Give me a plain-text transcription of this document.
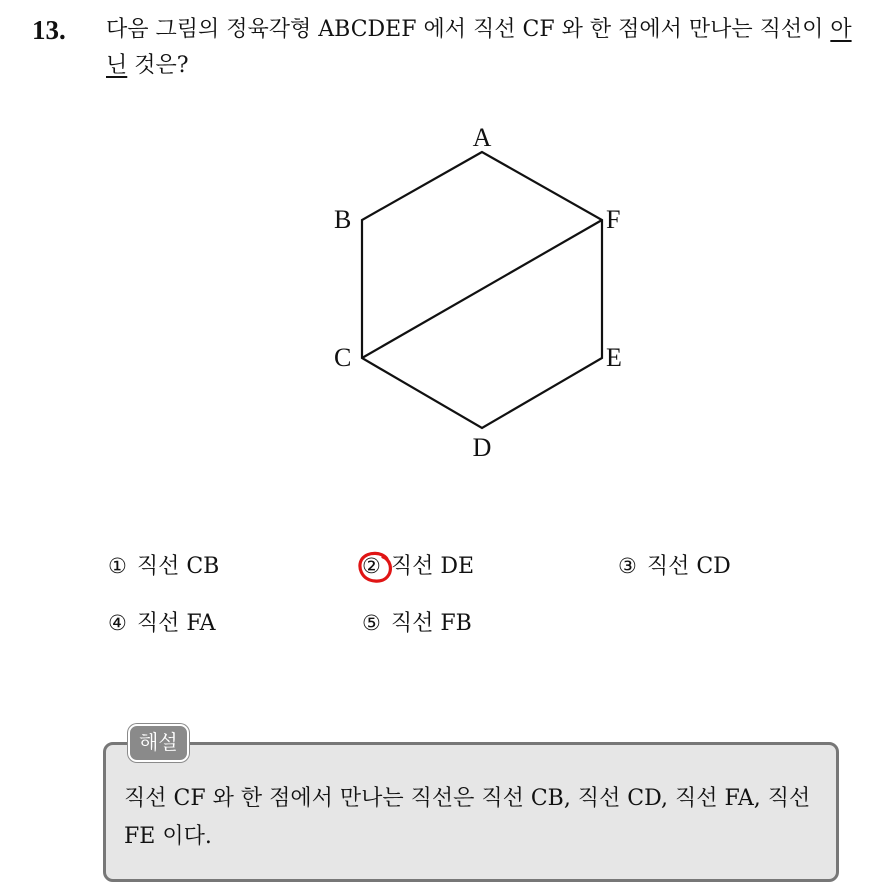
13. 다음 그림의 정육각형 ABCDEF 에서 직선 CF 와 한 점에서 만나는 직선이 아닌 것은?
A
B
C
D
E
F
① 직선 CB	② 직선 DE	③ 직선 CD
④ 직선 FA	⑤ 직선 FB
해설
직선 CF 와 한 점에서 만나는 직선은 직선 CB, 직선 CD, 직선 FA, 직선 FE 이다.
